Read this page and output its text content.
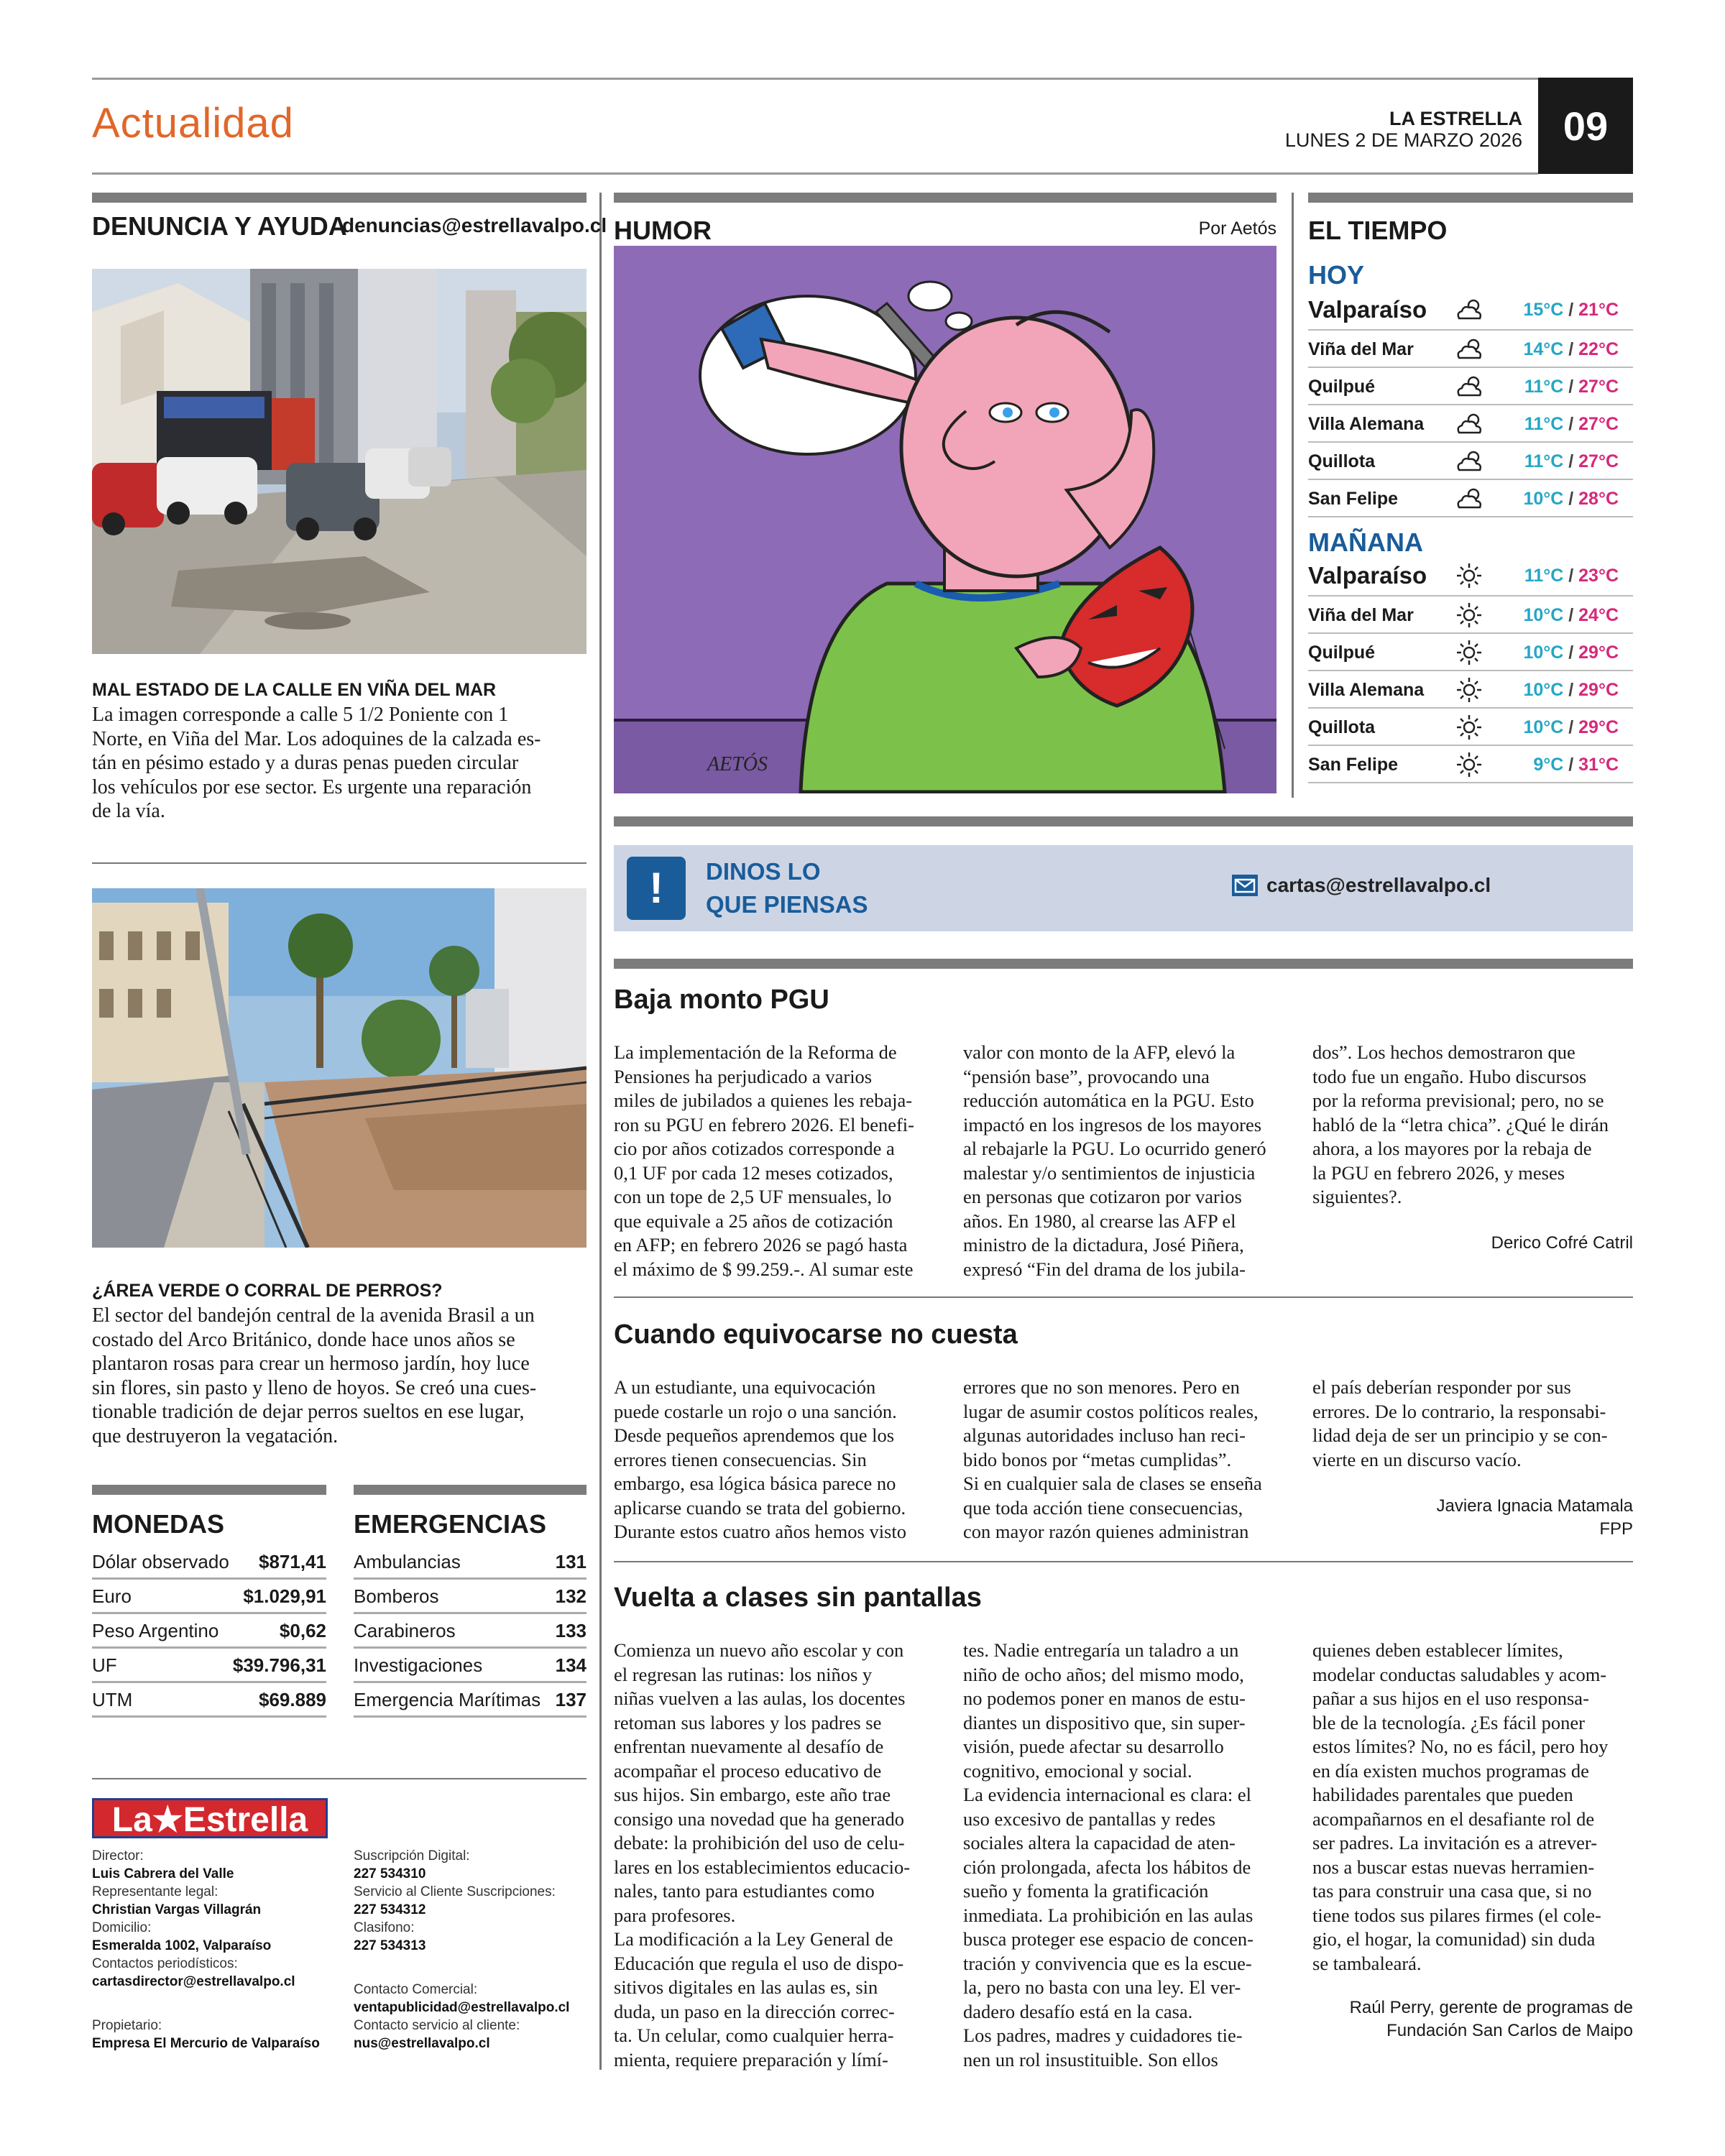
Actualidad	LA ESTRELLA
LUNES 2 DE MARZO 2026	09
DENUNCIA Y AYUDA
denuncias@estrellavalpo.cl
MAL ESTADO DE LA CALLE EN VIÑA DEL MAR
La imagen corresponde a calle 5 1/2 Poniente con 1
Norte, en Viña del Mar. Los adoquines de la calzada es-
tán en pésimo estado y a duras penas pueden circular
los vehículos por ese sector. Es urgente una reparación
de la vía.
¿ÁREA VERDE O CORRAL DE PERROS?
El sector del bandejón central de la avenida Brasil a un
costado del Arco Británico, donde hace unos años se
plantaron rosas para crear un hermoso jardín, hoy luce
sin flores, sin pasto y lleno de hoyos. Se creó una cues-
tionable tradición de dejar perros sueltos en ese lugar,
que destruyeron la vegatación.
MONEDAS
Dólar observado $871,41
Euro	$1.029,91
Peso Argentino	$0,62
UF	$39.796,31
UTM	$69.889
EMERGENCIAS
Ambulancias	131
Bomberos	132
Carabineros	133
Investigaciones	134
Emergencia Marítimas 137
La★Estrella
Director:
Luis Cabrera del Valle
Representante legal:
Christian Vargas Villagrán
Domicilio:
Esmeralda 1002, Valparaíso
Contactos periodísticos:
cartasdirector@estrellavalpo.cl
Propietario:
Empresa El Mercurio de Valparaíso
Suscripción Digital:
227 534310
Servicio al Cliente Suscripciones:
227 534312
Clasifono:
227 534313
Contacto Comercial:
ventapublicidad@estrellavalpo.cl
Contacto servicio al cliente:
nus@estrellavalpo.cl
HUMOR	Por Aetós
AETÓS
EL TIEMPO
HOY
Valparaíso	15°C / 21°C
Viña del Mar	14°C / 22°C
Quilpué	11°C / 27°C
Villa Alemana	11°C / 27°C
Quillota	11°C / 27°C
San Felipe	10°C / 28°C
MAÑANA
Valparaíso	11°C / 23°C
Viña del Mar	10°C / 24°C
Quilpué	10°C / 29°C
Villa Alemana	10°C / 29°C
Quillota	10°C / 29°C
San Felipe	9°C / 31°C
!	DINOS LO
QUE PIENSAS
cartas@estrellavalpo.cl
Baja monto PGU
La implementación de la Reforma de
Pensiones ha perjudicado a varios
miles de jubilados a quienes les rebaja-
ron su PGU en febrero 2026. El benefi-
cio por años cotizados corresponde a
0,1 UF por cada 12 meses cotizados,
con un tope de 2,5 UF mensuales, lo
que equivale a 25 años de cotización
en AFP; en febrero 2026 se pagó hasta
el máximo de $ 99.259.-. Al sumar este
valor con monto de la AFP, elevó la
“pensión base”, provocando una
reducción automática en la PGU. Esto
impactó en los ingresos de los mayores
al rebajarle la PGU. Lo ocurrido generó
malestar y/o sentimientos de injusticia
en personas que cotizaron por varios
años. En 1980, al crearse las AFP el
ministro de la dictadura, José Piñera,
expresó “Fin del drama de los jubila-
dos”. Los hechos demostraron que
todo fue un engaño. Hubo discursos
por la reforma previsional; pero, no se
habló de la “letra chica”. ¿Qué le dirán
ahora, a los mayores por la rebaja de
la PGU en febrero 2026, y meses
siguientes?.
Derico Cofré Catril
Cuando equivocarse no cuesta
A un estudiante, una equivocación
puede costarle un rojo o una sanción.
Desde pequeños aprendemos que los
errores tienen consecuencias. Sin
embargo, esa lógica básica parece no
aplicarse cuando se trata del gobierno.
Durante estos cuatro años hemos visto
errores que no son menores. Pero en
lugar de asumir costos políticos reales,
algunas autoridades incluso han reci-
bido bonos por “metas cumplidas”.
Si en cualquier sala de clases se enseña
que toda acción tiene consecuencias,
con mayor razón quienes administran
el país deberían responder por sus
errores. De lo contrario, la responsabi-
lidad deja de ser un principio y se con-
vierte en un discurso vacío.
Javiera Ignacia Matamala
FPP
Vuelta a clases sin pantallas
Comienza un nuevo año escolar y con
el regresan las rutinas: los niños y
niñas vuelven a las aulas, los docentes
retoman sus labores y los padres se
enfrentan nuevamente al desafío de
acompañar el proceso educativo de
sus hijos. Sin embargo, este año trae
consigo una novedad que ha generado
debate: la prohibición del uso de celu-
lares en los establecimientos educacio-
nales, tanto para estudiantes como
para profesores.
La modificación a la Ley General de
Educación que regula el uso de dispo-
sitivos digitales en las aulas es, sin
duda, un paso en la dirección correc-
ta. Un celular, como cualquier herra-
mienta, requiere preparación y límí-
tes. Nadie entregaría un taladro a un
niño de ocho años; del mismo modo,
no podemos poner en manos de estu-
diantes un dispositivo que, sin super-
visión, puede afectar su desarrollo
cognitivo, emocional y social.
La evidencia internacional es clara: el
uso excesivo de pantallas y redes
sociales altera la capacidad de aten-
ción prolongada, afecta los hábitos de
sueño y fomenta la gratificación
inmediata. La prohibición en las aulas
busca proteger ese espacio de concen-
tración y convivencia que es la escue-
la, pero no basta con una ley. El ver-
dadero desafío está en la casa.
Los padres, madres y cuidadores tie-
nen un rol insustituible. Son ellos
quienes deben establecer límites,
modelar conductas saludables y acom-
pañar a sus hijos en el uso responsa-
ble de la tecnología. ¿Es fácil poner
estos límites? No, no es fácil, pero hoy
en día existen muchos programas de
habilidades parentales que pueden
acompañarnos en el desafiante rol de
ser padres. La invitación es a atrever-
nos a buscar estas nuevas herramien-
tas para construir una casa que, si no
tiene todos sus pilares firmes (el cole-
gio, el hogar, la comunidad) sin duda
se tambaleará.
Raúl Perry, gerente de programas de
Fundación San Carlos de Maipo
